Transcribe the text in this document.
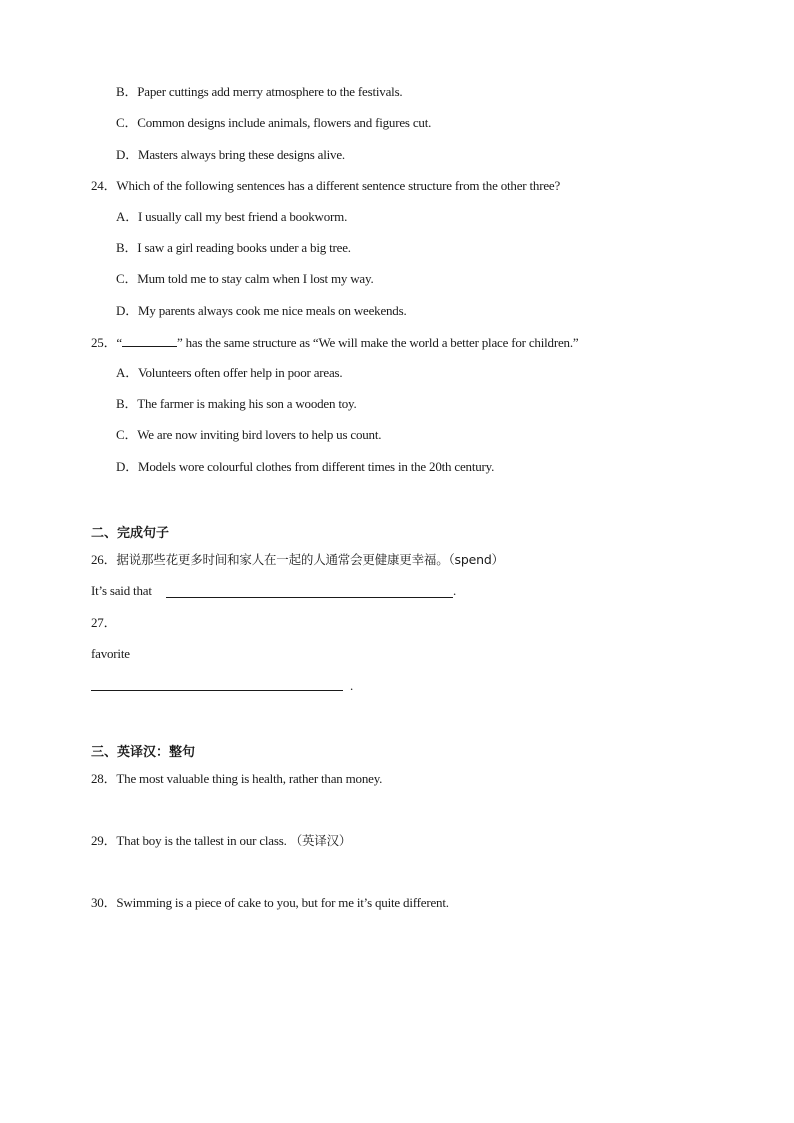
B．Paper cuttings add merry atmosphere to the festivals.
C．Common designs include animals, flowers and figures cut.
D．Masters always bring these designs alive.
24．Which of the following sentences has a different sentence structure from the other three?
A．I usually call my best friend a bookworm.
B．I saw a girl reading books under a big tree.
C．Mum told me to stay calm when I lost my way.
D．My parents always cook me nice meals on weekends.
25．“	” has the same structure as “We will make the world a better place for children.”
A．Volunteers often offer help in poor areas.
B．The farmer is making his son a wooden toy.
C．We are now inviting bird lovers to help us count.
D．Models wore colourful clothes from different times in the 20th century.
二、完成句子
26．据说那些花更多时间和家人在一起的人通常会更健康更幸福。（spend）
It’s said that	.
27．
favorite
.
三、英译汉：整句
28．The most valuable thing is health, rather than money.
29．That boy is the tallest in our class. （英译汉）
30．Swimming is a piece of cake to you, but for me it’s quite different.
